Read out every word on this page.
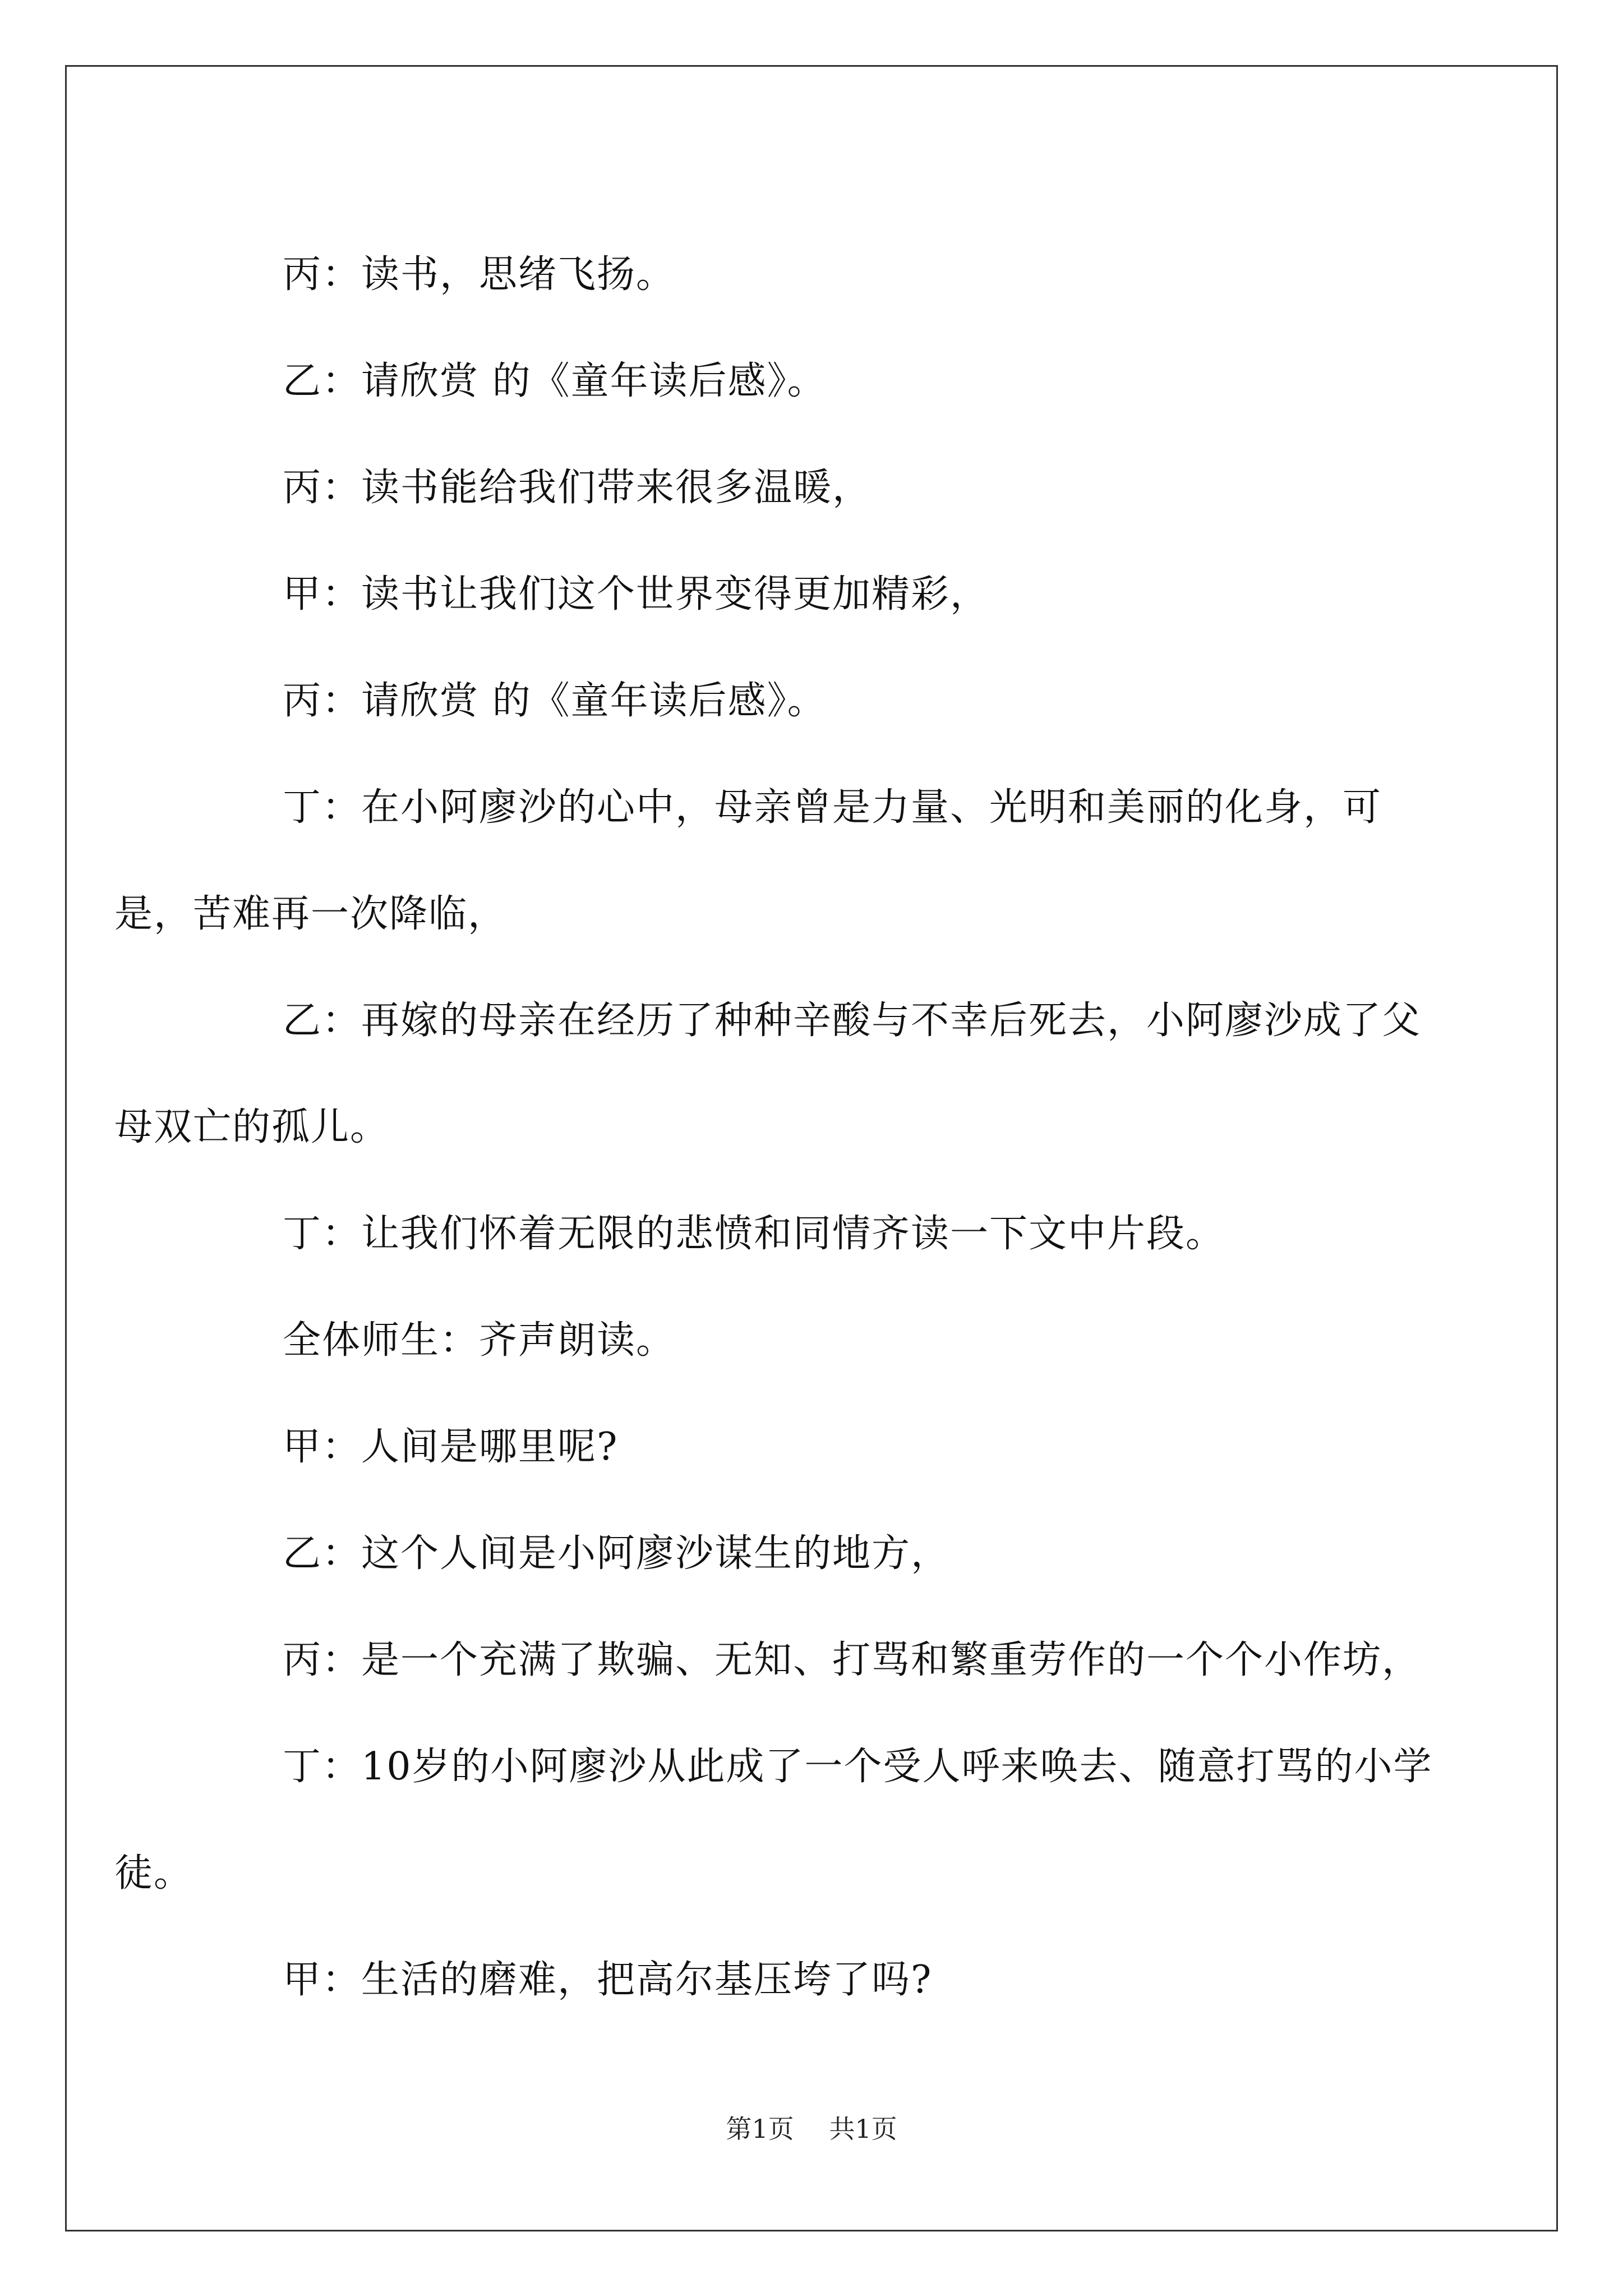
丙：读书，思绪飞扬。

乙：请欣赏 的《童年读后感》。

丙：读书能给我们带来很多温暖，

甲：读书让我们这个世界变得更加精彩，

丙：请欣赏 的《童年读后感》。

丁：在小阿廖沙的心中，母亲曾是力量、光明和美丽的化身，可是，苦难再一次降临，

乙：再嫁的母亲在经历了种种辛酸与不幸后死去，小阿廖沙成了父母双亡的孤儿。

丁：让我们怀着无限的悲愤和同情齐读一下文中片段。

全体师生：齐声朗读。

甲：人间是哪里呢?

乙：这个人间是小阿廖沙谋生的地方，

丙：是一个充满了欺骗、无知、打骂和繁重劳作的一个个小作坊，

丁：10岁的小阿廖沙从此成了一个受人呼来唤去、随意打骂的小学徒。

甲：生活的磨难，把高尔基压垮了吗?

第1页 共1页
